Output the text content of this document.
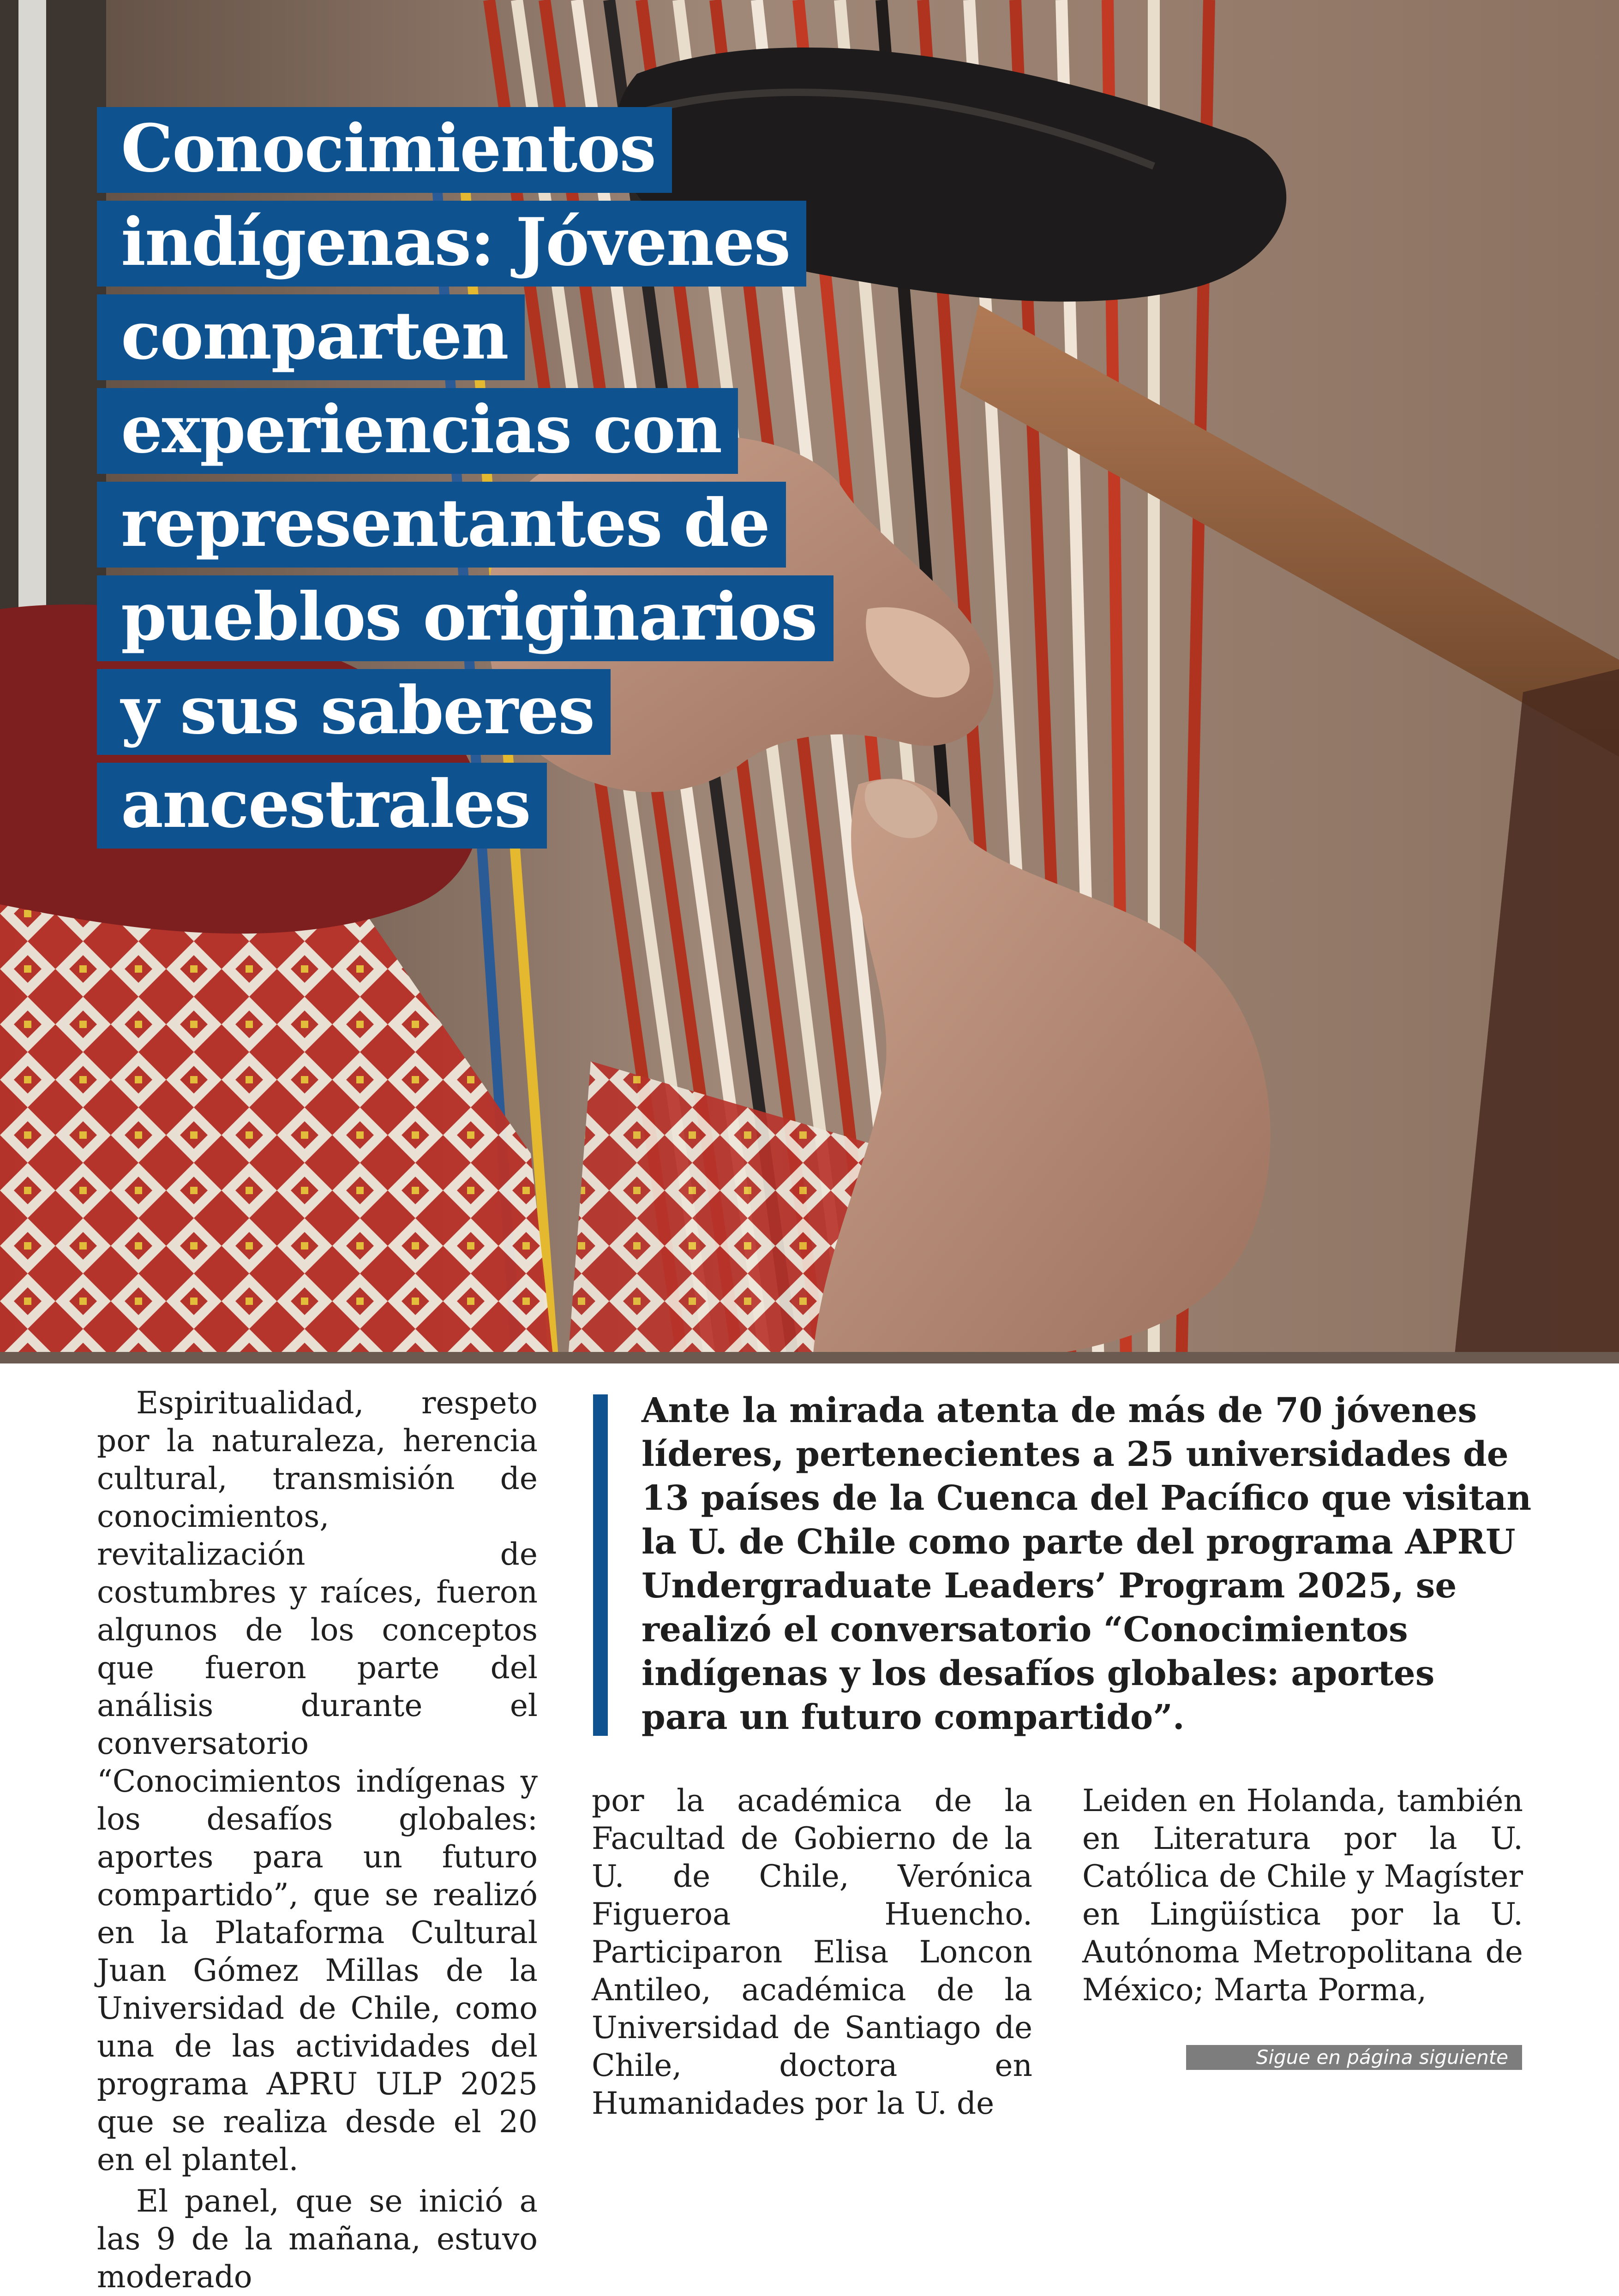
Conocimientos
indígenas: Jóvenes
comparten
experiencias con
representantes de
pueblos originarios
y sus saberes
ancestrales

Espiritualidad, respeto por la naturaleza, herencia cultural, transmisión de conocimientos, revitalización de costumbres y raíces, fueron algunos de los conceptos que fueron parte del análisis durante el conversatorio “Conocimientos indígenas y los desafíos globales: aportes para un futuro compartido”, que se realizó en la Plataforma Cultural Juan Gómez Millas de la Universidad de Chile, como una de las actividades del programa APRU ULP 2025 que se realiza desde el 20 en el plantel.

El panel, que se inició a las 9 de la mañana, estuvo moderado

Ante la mirada atenta de más de 70 jóvenes líderes, pertenecientes a 25 universidades de 13 países de la Cuenca del Pacífico que visitan la U. de Chile como parte del programa APRU Undergraduate Leaders’ Program 2025, se realizó el conversatorio “Conocimientos indígenas y los desafíos globales: aportes para un futuro compartido”.

por la académica de la Facultad de Gobierno de la U. de Chile, Verónica Figueroa Huencho. Participaron Elisa Loncon Antileo, académica de la Universidad de Santiago de Chile, doctora en Humanidades por la U. de

Leiden en Holanda, también en Literatura por la U. Católica de Chile y Magíster en Lingüística por la U. Autónoma Metropolitana de México; Marta Porma,

Sigue en página siguiente
